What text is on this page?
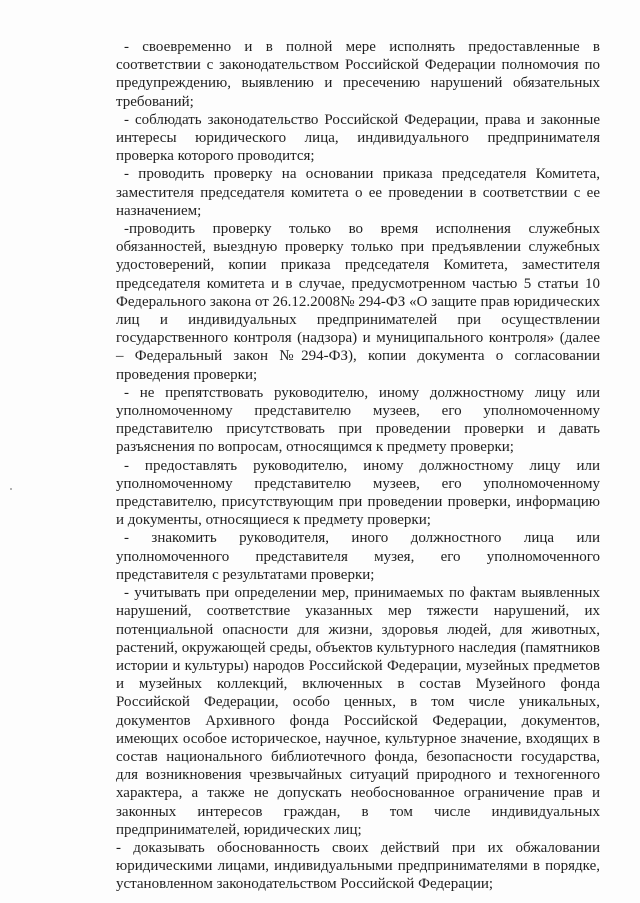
- своевременно и в полной мере исполнять предоставленные в соответствии с законодательством Российской Федерации полномочия по предупреждению, выявлению и пресечению нарушений обязательных требований;

- соблюдать законодательство Российской Федерации, права и законные интересы юридического лица, индивидуального предпринимателя проверка которого проводится;

- проводить проверку на основании приказа председателя Комитета, заместителя председателя комитета о ее проведении в соответствии с ее назначением;

-проводить проверку только во время исполнения служебных обязанностей, выездную проверку только при предъявлении служебных удостоверений, копии приказа председателя Комитета, заместителя председателя комитета и в случае, предусмотренном частью 5 статьи 10 Федерального закона от 26.12.2008№ 294-ФЗ «О защите прав юридических лиц и индивидуальных предпринимателей при осуществлении государственного контроля (надзора) и муниципального контроля» (далее – Федеральный закон №294-ФЗ), копии документа о согласовании проведения проверки;

- не препятствовать руководителю, иному должностному лицу или уполномоченному представителю музеев, его уполномоченному представителю присутствовать при проведении проверки и давать разъяснения по вопросам, относящимся к предмету проверки;

- предоставлять руководителю, иному должностному лицу или уполномоченному представителю музеев, его уполномоченному представителю, присутствующим при проведении проверки, информацию и документы, относящиеся к предмету проверки;

- знакомить руководителя, иного должностного лица или уполномоченного представителя музея, его уполномоченного представителя с результатами проверки;

- учитывать при определении мер, принимаемых по фактам выявленных нарушений, соответствие указанных мер тяжести нарушений, их потенциальной опасности для жизни, здоровья людей, для животных, растений, окружающей среды, объектов культурного наследия (памятников истории и культуры) народов Российской Федерации, музейных предметов и музейных коллекций, включенных в состав Музейного фонда Российской Федерации, особо ценных, в том числе уникальных, документов Архивного фонда Российской Федерации, документов, имеющих особое историческое, научное, культурное значение, входящих в состав национального библиотечного фонда, безопасности государства, для возникновения чрезвычайных ситуаций природного и техногенного характера, а также не допускать необоснованное ограничение прав и законных интересов граждан, в том числе индивидуальных предпринимателей, юридических лиц;

- доказывать обоснованность своих действий при их обжаловании юридическими лицами, индивидуальными предпринимателями в порядке, установленном законодательством Российской Федерации;
